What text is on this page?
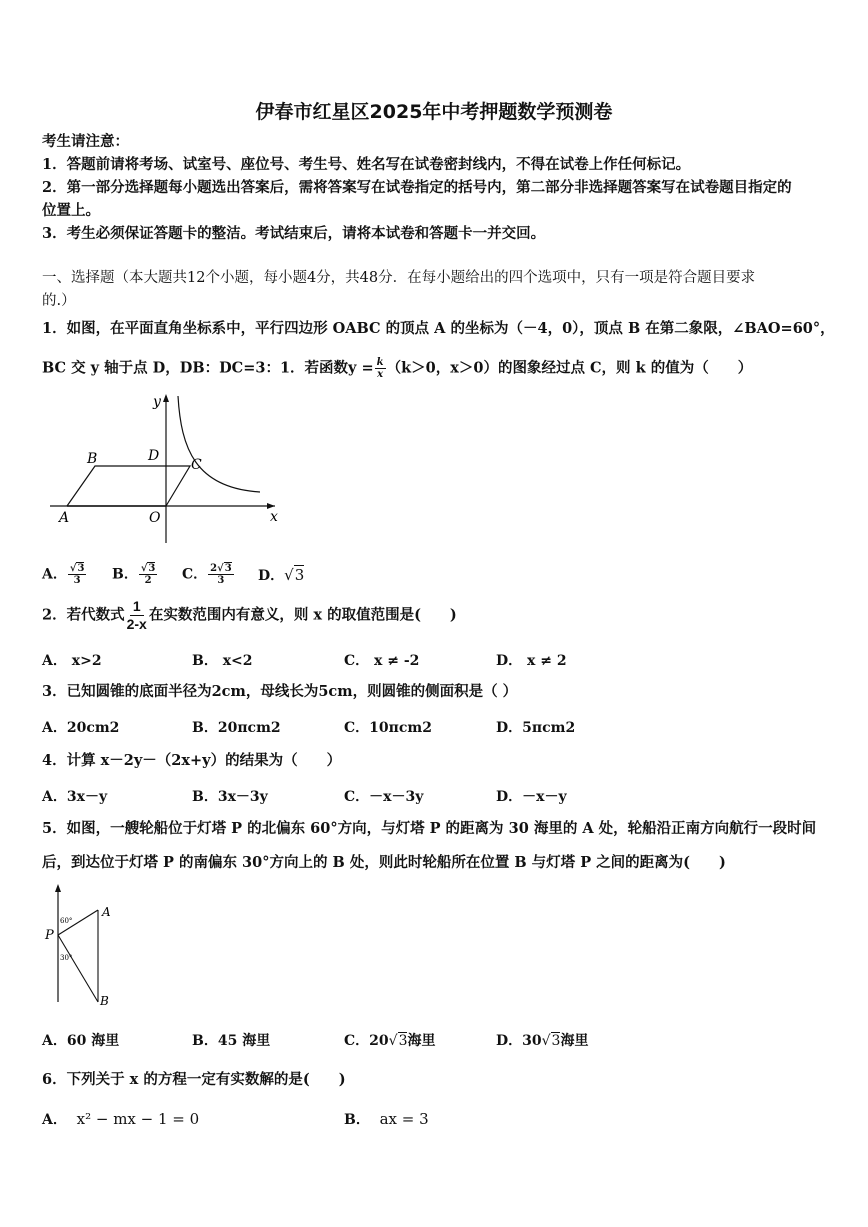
伊春市红星区2025年中考押题数学预测卷
考生请注意：
1．答题前请将考场、试室号、座位号、考生号、姓名写在试卷密封线内，不得在试卷上作任何标记。
2．第一部分选择题每小题选出答案后，需将答案写在试卷指定的括号内，第二部分非选择题答案写在试卷题目指定的
位置上。
3．考生必须保证答题卡的整洁。考试结束后，请将本试卷和答题卡一并交回。
一、选择题（本大题共12个小题，每小题4分，共48分．在每小题给出的四个选项中，只有一项是符合题目要求
的.）
1．如图，在平面直角坐标系中，平行四边形 OABC 的顶点 A 的坐标为（－4，0），顶点 B 在第二象限，∠BAO=60°，
BC 交 y 轴于点 D，DB：DC=3：1．若函数$y = \frac{k}{x} (k>0$，x＞0）的图象经过点 C，则 k 的值为（　　）
y
x
A
B	C
D
O
A． $\frac{√3}{3}$ B． $\frac{√3}{2}$ C． $\frac{2√3}{3}$ D．√3
2．若代数式 $\frac{1}{2-x}$ 在实数范围内有意义，则 x 的取值范围是(　　)
A． x>2	B． x<2	C． x ≠ -2	D． x ≠ 2
3．已知圆锥的底面半径为2cm，母线长为5cm，则圆锥的侧面积是（ ）
A．20cm2	B．20πcm2	C．10πcm2	D．5πcm2
4．计算 x－2y－（2x+y）的结果为（　　）
A．3x－y	B．3x－3y	C．－x－3y	D．－x－y
5．如图，一艘轮船位于灯塔 P 的北偏东 60°方向，与灯塔 P 的距离为 30 海里的 A 处，轮船沿正南方向航行一段时间
后，到达位于灯塔 P 的南偏东 30°方向上的 B 处，则此时轮船所在位置 B 与灯塔 P 之间的距离为(　　)
60°
30°
P
A
B
A．60 海里	B．45 海里	C．20√3海里	D．30√3海里
6．下列关于 x 的方程一定有实数解的是(　　)
A． x² − mx − 1 = 0	B． ax = 3
